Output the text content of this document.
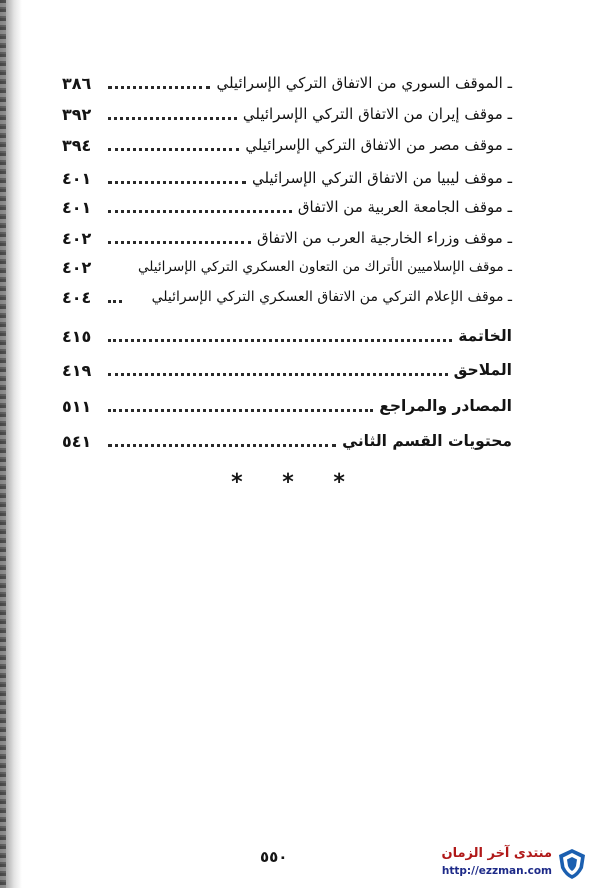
٣٨٦	ـ الموقف السوري من الاتفاق التركي الإسرائيلي
٣٩٢	ـ موقف إيران من الاتفاق التركي الإسرائيلي
٣٩٤	ـ موقف مصر من الاتفاق التركي الإسرائيلي
٤٠١	ـ موقف ليبيا من الاتفاق التركي الإسرائيلي
٤٠١	ـ موقف الجامعة العربية من الاتفاق
٤٠٢	ـ موقف وزراء الخارجية العرب من الاتفاق
٤٠٢	ـ موقف الإسلاميين الأتراك من التعاون العسكري التركي الإسرائيلي
٤٠٤	ـ موقف الإعلام التركي من الاتفاق العسكري التركي الإسرائيلي
٤١٥	الخاتمة
٤١٩	الملاحق
٥١١	المصادر والمراجع
٥٤١	محتويات القسم الثاني
* * *
٥٥٠	منتدى آخر الزمان
http://ezzman.com
